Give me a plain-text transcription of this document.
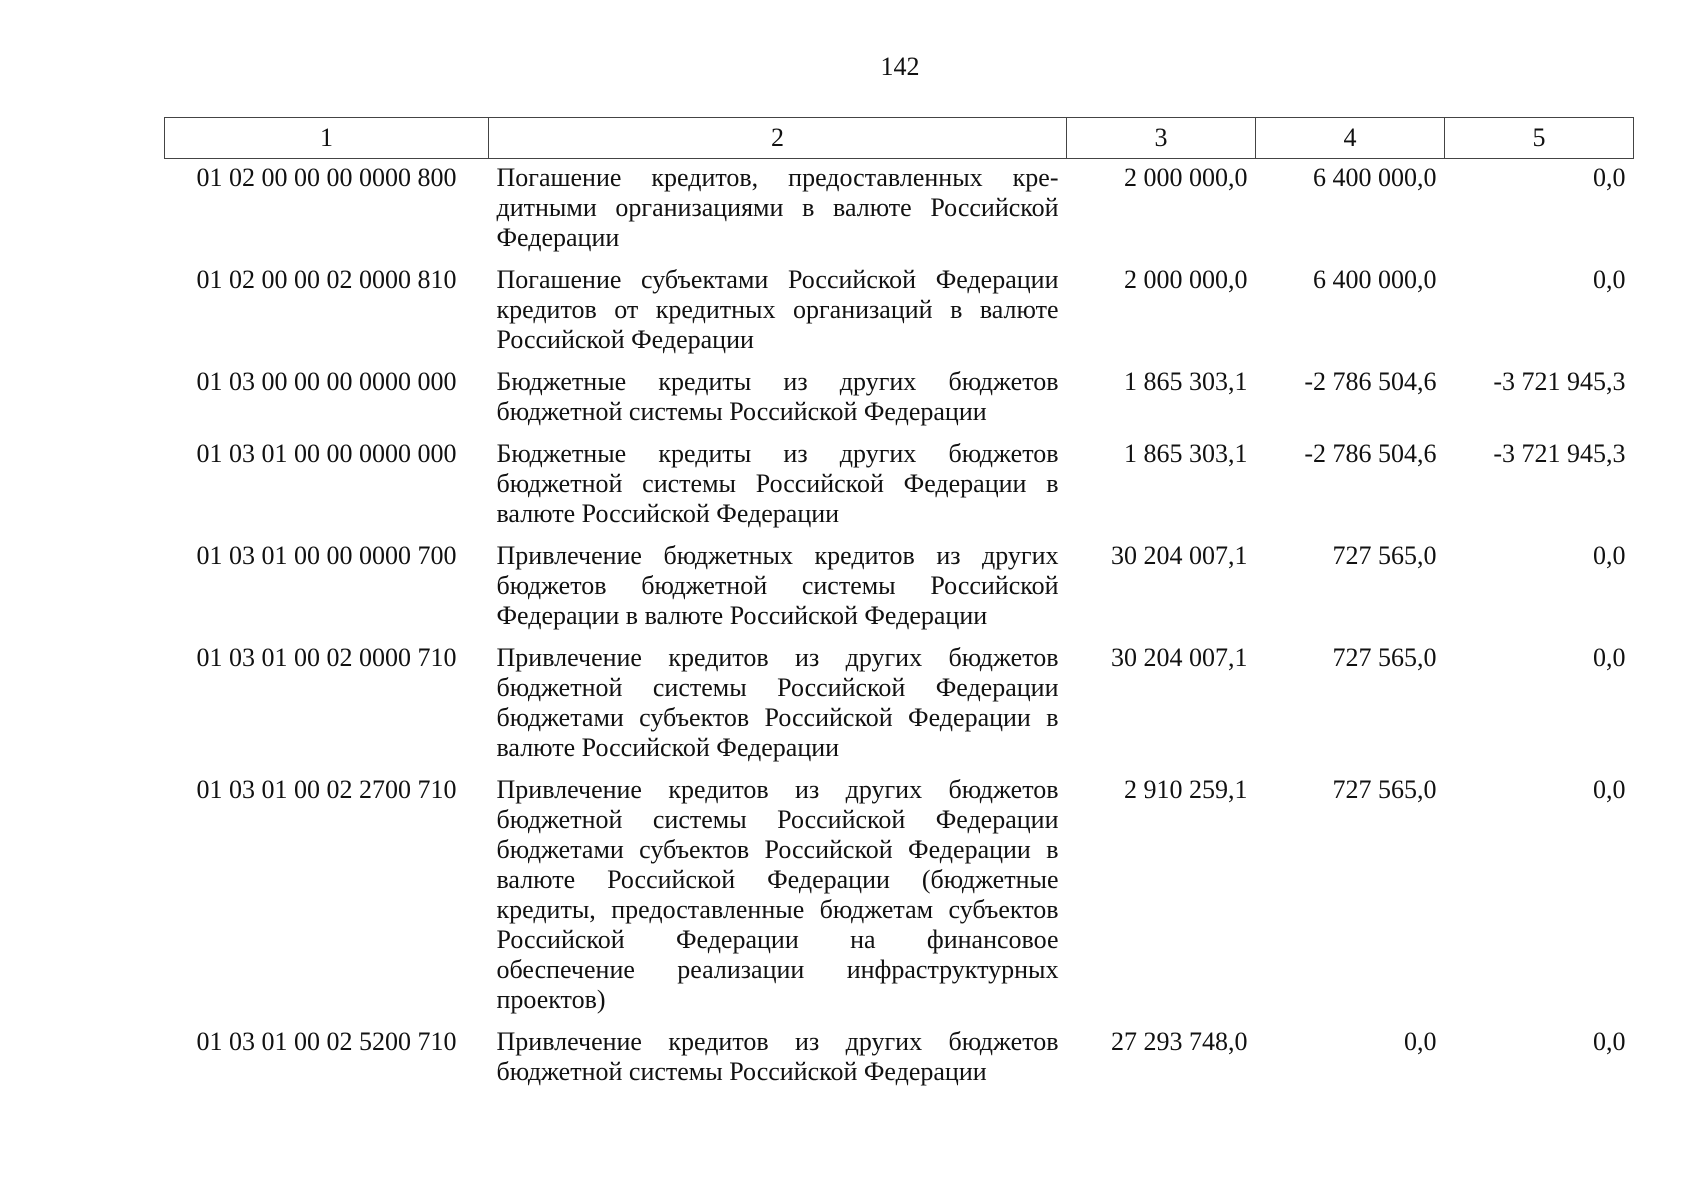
142
1	2	3	4	5
01 02 00 00 00 0000 800	Погашение кредитов, предоставленных кредитными организациями в валюте Российской Федерации	2 000 000,0	6 400 000,0	0,0
01 02 00 00 02 0000 810	Погашение субъектами Российской Федерации кредитов от кредитных организаций в валюте Российской Федерации	2 000 000,0	6 400 000,0	0,0
01 03 00 00 00 0000 000	Бюджетные кредиты из других бюджетов бюджетной системы Российской Федерации	1 865 303,1	-2 786 504,6	-3 721 945,3
01 03 01 00 00 0000 000	Бюджетные кредиты из других бюджетов бюджетной системы Российской Федерации в валюте Российской Федерации	1 865 303,1	-2 786 504,6	-3 721 945,3
01 03 01 00 00 0000 700	Привлечение бюджетных кредитов из других бюджетов бюджетной системы Российской Федерации в валюте Российской Федерации	30 204 007,1	727 565,0	0,0
01 03 01 00 02 0000 710	Привлечение кредитов из других бюджетов бюджетной системы Российской Федерации бюджетами субъектов Российской Федерации в валюте Российской Федерации	30 204 007,1	727 565,0	0,0
01 03 01 00 02 2700 710	Привлечение кредитов из других бюджетов бюджетной системы Российской Федерации бюджетами субъектов Российской Федерации в валюте Российской Федерации (бюджетные кредиты, предоставленные бюджетам субъектов Российской Федерации на финансовое обеспечение реализации инфраструктурных проектов)	2 910 259,1	727 565,0	0,0
01 03 01 00 02 5200 710	Привлечение кредитов из других бюджетов бюджетной системы Российской Федерации	27 293 748,0	0,0	0,0
